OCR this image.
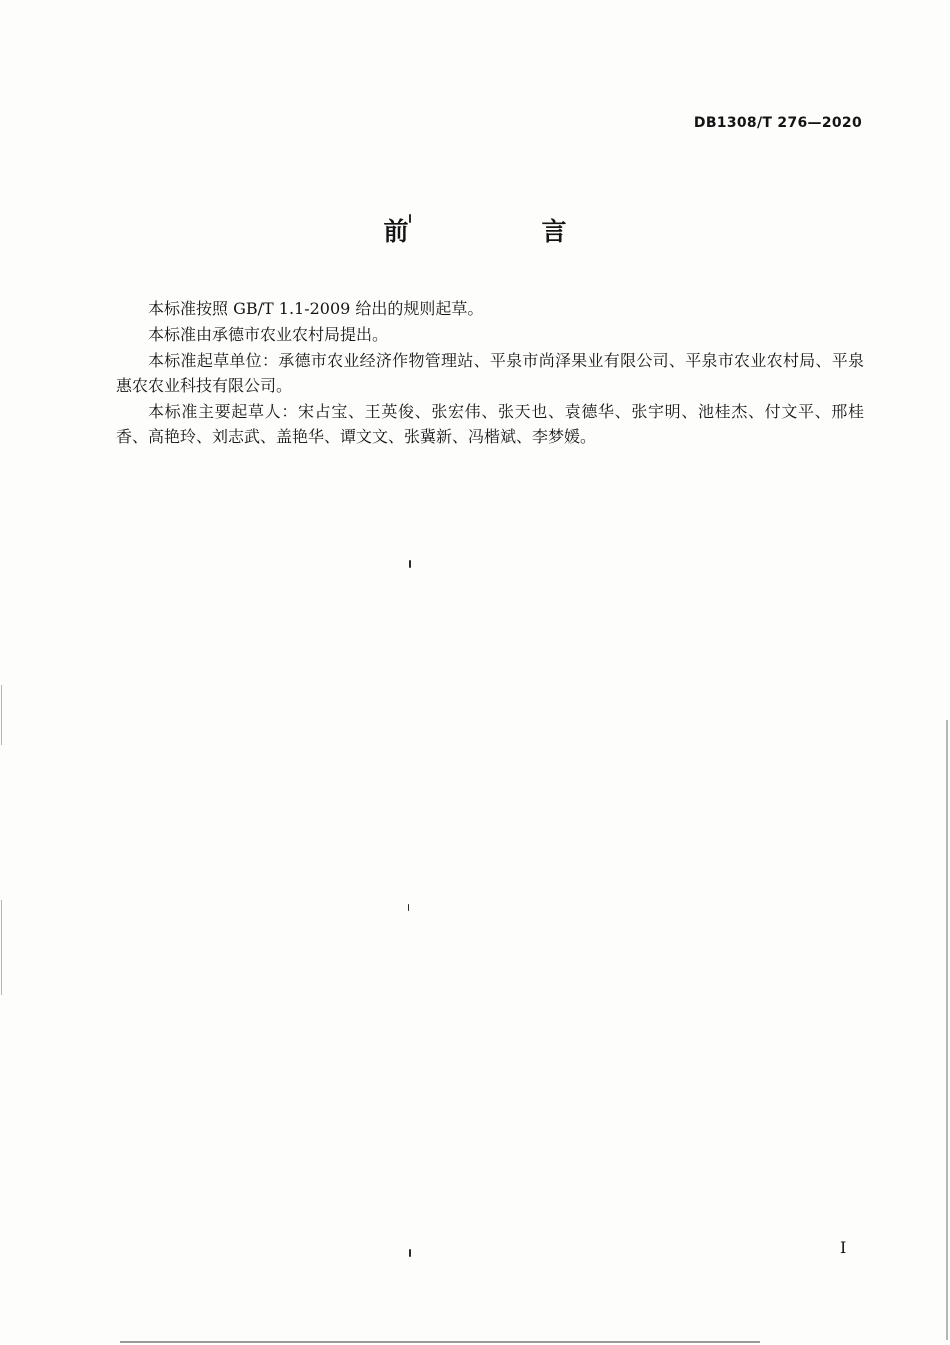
DB1308/T 276—2020
前　言

本标准按照 GB/T 1.1-2009 给出的规则起草。

本标准由承德市农业农村局提出。

本标准起草单位：承德市农业经济作物管理站、平泉市尚泽果业有限公司、平泉市农业农村局、平泉惠农农业科技有限公司。

本标准主要起草人：宋占宝、王英俊、张宏伟、张天也、袁德华、张宇明、池桂杰、付文平、邢桂香、高艳玲、刘志武、盖艳华、谭文文、张冀新、冯楷斌、李梦媛。

I
